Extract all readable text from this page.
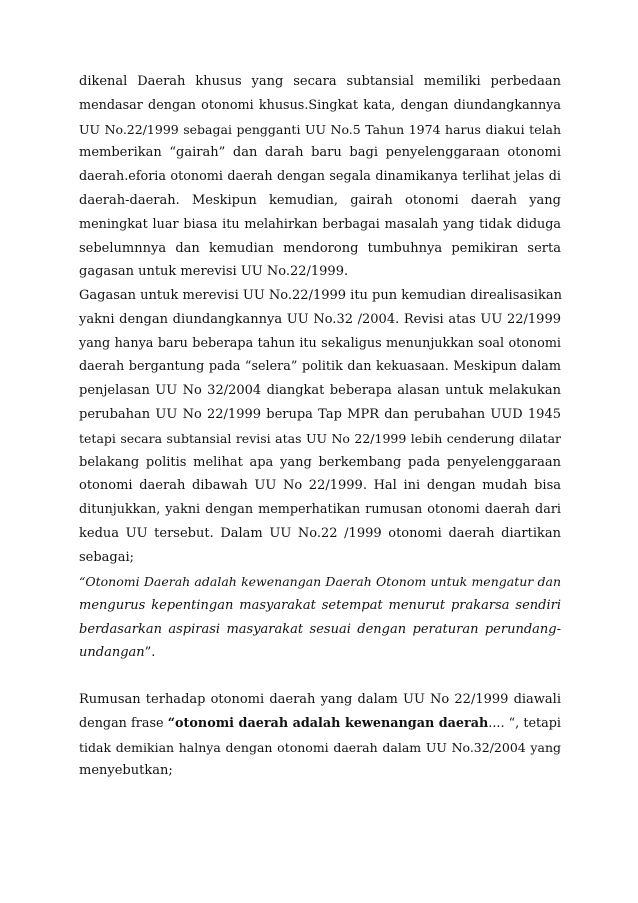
dikenal Daerah khusus yang secara subtansial memiliki perbedaan
mendasar dengan otonomi khusus.Singkat kata, dengan diundangkannya
UU No.22/1999 sebagai pengganti UU No.5 Tahun 1974 harus diakui telah
memberikan “gairah” dan darah baru bagi penyelenggaraan otonomi
daerah.eforia otonomi daerah dengan segala dinamikanya terlihat jelas di
daerah-daerah. Meskipun kemudian, gairah otonomi daerah yang
meningkat luar biasa itu melahirkan berbagai masalah yang tidak diduga
sebelumnnya dan kemudian mendorong tumbuhnya pemikiran serta
gagasan untuk merevisi UU No.22/1999.
Gagasan untuk merevisi UU No.22/1999 itu pun kemudian direalisasikan
yakni dengan diundangkannya UU No.32 /2004. Revisi atas UU 22/1999
yang hanya baru beberapa tahun itu sekaligus menunjukkan soal otonomi
daerah bergantung pada “selera” politik dan kekuasaan. Meskipun dalam
penjelasan UU No 32/2004 diangkat beberapa alasan untuk melakukan
perubahan UU No 22/1999 berupa Tap MPR dan perubahan UUD 1945
tetapi secara subtansial revisi atas UU No 22/1999 lebih cenderung dilatar
belakang politis melihat apa yang berkembang pada penyelenggaraan
otonomi daerah dibawah UU No 22/1999. Hal ini dengan mudah bisa
ditunjukkan, yakni dengan memperhatikan rumusan otonomi daerah dari
kedua UU tersebut. Dalam UU No.22 /1999 otonomi daerah diartikan
sebagai;
“Otonomi Daerah adalah kewenangan Daerah Otonom untuk mengatur dan
mengurus kepentingan masyarakat setempat menurut prakarsa sendiri
berdasarkan aspirasi masyarakat sesuai dengan peraturan perundang-
undangan”.
Rumusan terhadap otonomi daerah yang dalam UU No 22/1999 diawali
dengan frase “otonomi daerah adalah kewenangan daerah.... “, tetapi
tidak demikian halnya dengan otonomi daerah dalam UU No.32/2004 yang
menyebutkan;
